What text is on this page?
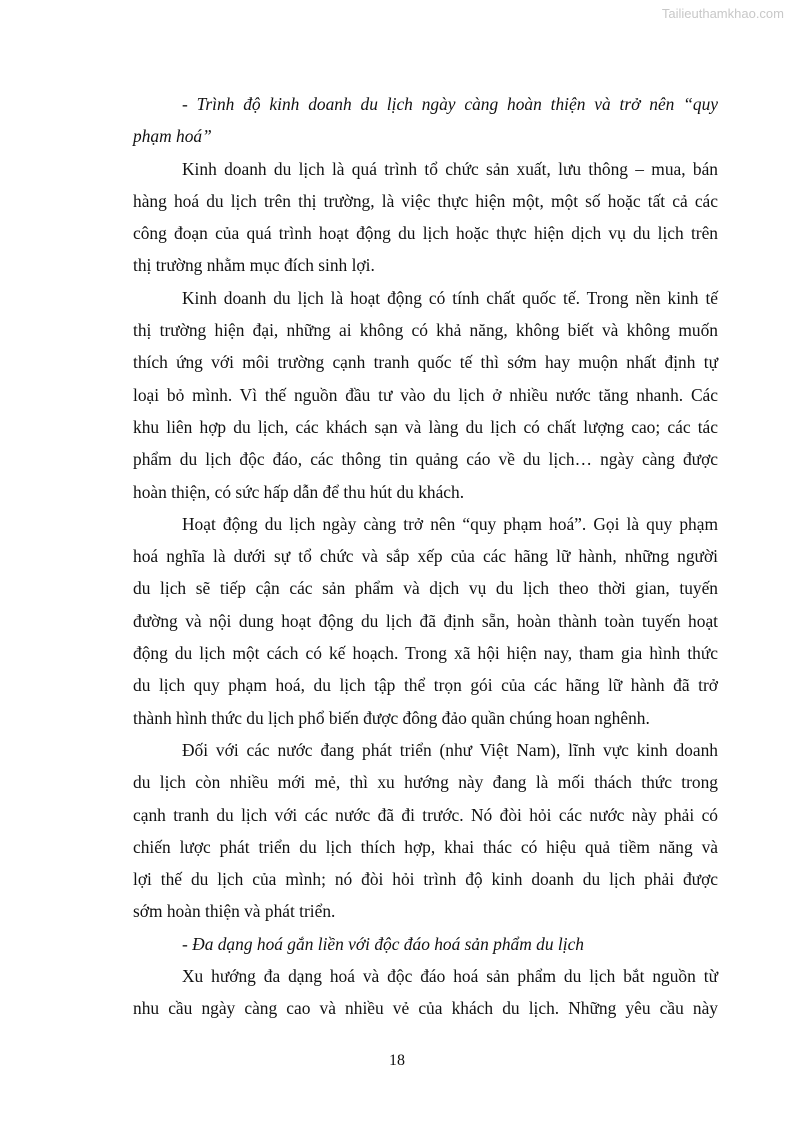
Tailieuthamkhao.com
- Trình độ kinh doanh du lịch ngày càng hoàn thiện và trở nên “quy
phạm hoá”
Kinh doanh du lịch là quá trình tổ chức sản xuất, lưu thông – mua, bán
hàng hoá du lịch trên thị trường, là việc thực hiện một, một số hoặc tất cả các
công đoạn của quá trình hoạt động du lịch hoặc thực hiện dịch vụ du lịch trên
thị trường nhằm mục đích sinh lợi.
Kinh doanh du lịch là hoạt động có tính chất quốc tế. Trong nền kinh tế
thị trường hiện đại, những ai không có khả năng, không biết và không muốn
thích ứng với môi trường cạnh tranh quốc tế thì sớm hay muộn nhất định tự
loại bỏ mình. Vì thế nguồn đầu tư vào du lịch ở nhiều nước tăng nhanh. Các
khu liên hợp du lịch, các khách sạn và làng du lịch có chất lượng cao; các tác
phẩm du lịch độc đáo, các thông tin quảng cáo về du lịch… ngày càng được
hoàn thiện, có sức hấp dẫn để thu hút du khách.
Hoạt động du lịch ngày càng trở nên “quy phạm hoá”. Gọi là quy phạm
hoá nghĩa là dưới sự tổ chức và sắp xếp của các hãng lữ hành, những người
du lịch sẽ tiếp cận các sản phẩm và dịch vụ du lịch theo thời gian, tuyến
đường và nội dung hoạt động du lịch đã định sẵn, hoàn thành toàn tuyến hoạt
động du lịch một cách có kế hoạch. Trong xã hội hiện nay, tham gia hình thức
du lịch quy phạm hoá, du lịch tập thể trọn gói của các hãng lữ hành đã trở
thành hình thức du lịch phổ biến được đông đảo quần chúng hoan nghênh.
Đối với các nước đang phát triển (như Việt Nam), lĩnh vực kinh doanh
du lịch còn nhiều mới mẻ, thì xu hướng này đang là mối thách thức trong
cạnh tranh du lịch với các nước đã đi trước. Nó đòi hỏi các nước này phải có
chiến lược phát triển du lịch thích hợp, khai thác có hiệu quả tiềm năng và
lợi thế du lịch của mình; nó đòi hỏi trình độ kinh doanh du lịch phải được
sớm hoàn thiện và phát triển.
- Đa dạng hoá gắn liền với độc đáo hoá sản phẩm du lịch
Xu hướng đa dạng hoá và độc đáo hoá sản phẩm du lịch bắt nguồn từ
nhu cầu ngày càng cao và nhiều vẻ của khách du lịch. Những yêu cầu này
18
